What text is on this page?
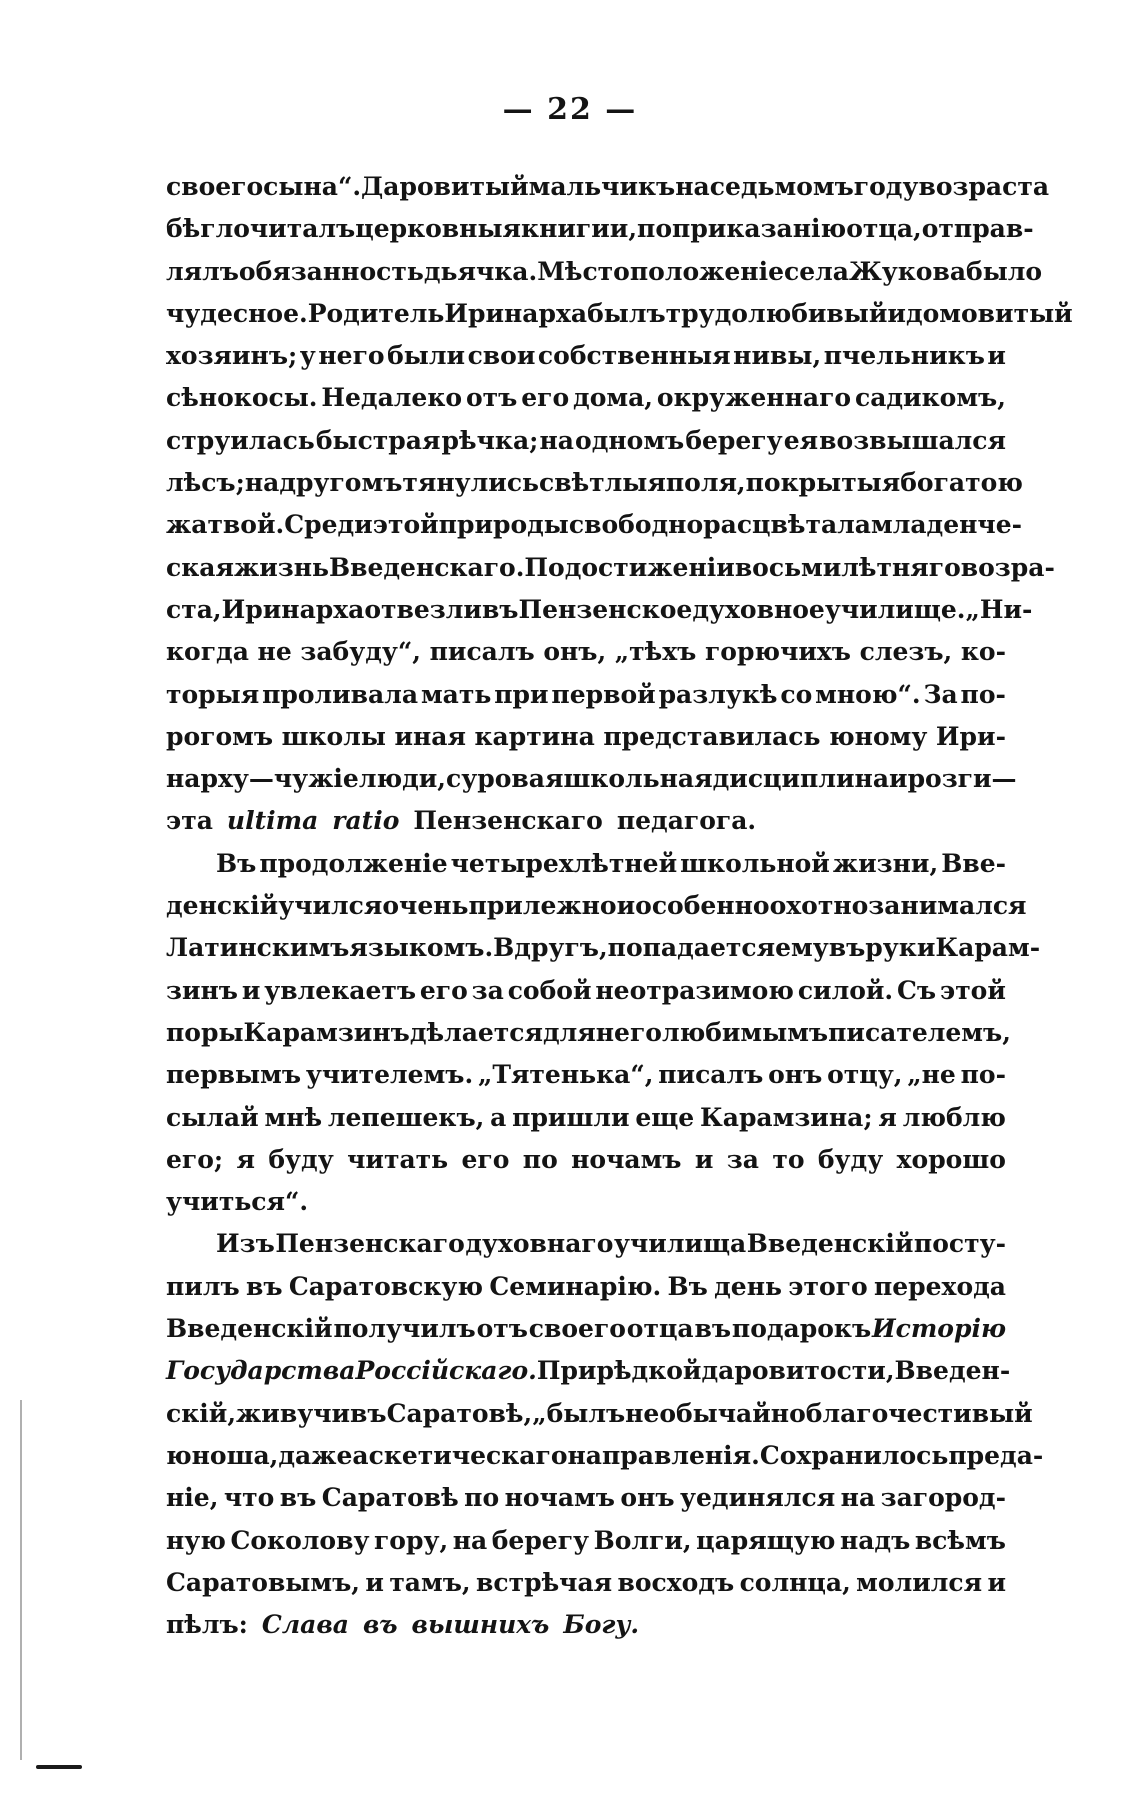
— 22 —
своего сына“. Даровитый мальчикъ на седьмомъ году возраста
бѣгло читалъ церковныя книги и, по приказанію отца, отправ-
лялъ обязанность дьячка. Мѣстоположеніе села Жукова было
чудесное. Родитель Иринарха былъ трудолюбивый и домовитый
хозяинъ; у него были свои собственныя нивы, пчельникъ и
сѣнокосы. Недалеко отъ его дома, окруженнаго садикомъ,
струилась быстрая рѣчка; на одномъ берегу ея возвышался
лѣсъ; на другомъ тянулись свѣтлыя поля, покрытыя богатою
жатвой. Среди этой природы свободно расцвѣтала младенче-
ская жизнь Введенскаго. По достиженіи восьмилѣтняго возра-
ста, Иринарха отвезли въ Пензенское духовное училище. „Ни-
когда не забуду“, писалъ онъ, „тѣхъ горючихъ слезъ, ко-
торыя проливала мать при первой разлукѣ со мною“. За по-
рогомъ школы иная картина представилась юному Ири-
нарху—чужіе люди, суровая школьная дисциплина и розги—
эта ultima ratio Пензенскаго педагога.
Въ продолженіе четырехлѣтней школьной жизни, Вве-
денскій учился очень прилежно и особенно охотно занимался
Латинскимъ языкомъ. Вдругъ, попадается ему въ руки Карам-
зинъ и увлекаетъ его за собой неотразимою силой. Съ этой
поры Карамзинъ дѣлается для него любимымъ писателемъ,
первымъ учителемъ. „Тятенька“, писалъ онъ отцу, „не по-
сылай мнѣ лепешекъ, а пришли еще Карамзина; я люблю
его; я буду читать его по ночамъ и за то буду хорошо
учиться“.
Изъ Пензенскаго духовнаго училища Введенскій посту-
пилъ въ Саратовскую Семинарію. Въ день этого перехода
Введенскій получилъ отъ своего отца въ подарокъ Исторію
Государства Россійскаго. При рѣдкой даровитости, Введен-
скій, живучи въ Саратовѣ, „былъ необычайно благочестивый
юноша, даже аскетическаго направленія. Сохранилось преда-
ніе, что въ Саратовѣ по ночамъ онъ уединялся на загород-
ную Соколову гору, на берегу Волги, царящую надъ всѣмъ
Саратовымъ, и тамъ, встрѣчая восходъ солнца, молился и
пѣлъ: Слава въ вышнихъ Богу.
